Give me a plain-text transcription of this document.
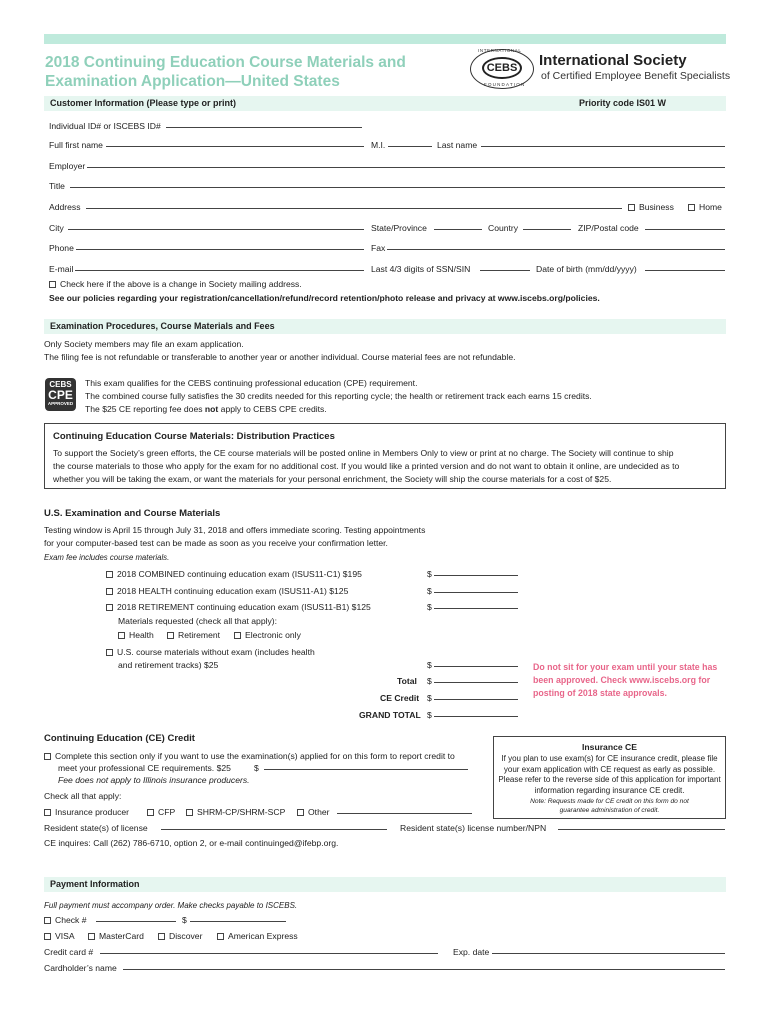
2018 Continuing Education Course Materials and
Examination Application—United States
INTERNATIONAL
CEBS
FOUNDATION
International Society
of Certified Employee Benefit Specialists
Customer Information (Please type or print)	Priority code IS01 W
Individual ID# or ISCEBS ID#
Full first name	M.I.	Last name
Employer
Title
Address	Business	Home
City	State/Province	Country	ZIP/Postal code
Phone	Fax
E-mail	Last 4/3 digits of SSN/SIN	Date of birth (mm/dd/yyyy)
Check here if the above is a change in Society mailing address.
See our policies regarding your registration/cancellation/refund/record retention/photo release and privacy at www.iscebs.org/policies.
Examination Procedures, Course Materials and Fees
Only Society members may file an exam application.
The filing fee is not refundable or transferable to another year or another individual. Course material fees are not refundable.
CEBS
CPE
APPROVED
This exam qualifies for the CEBS continuing professional education (CPE) requirement.
The combined course fully satisfies the 30 credits needed for this reporting cycle; the health or retirement track each earns 15 credits.
The $25 CE reporting fee does not apply to CEBS CPE credits.
Continuing Education Course Materials: Distribution Practices
To support the Society’s green efforts, the CE course materials will be posted online in Members Only to view or print at no charge. The Society will continue to ship
the course materials to those who apply for the exam for no additional cost. If you would like a printed version and do not want to obtain it online, are undecided as to
whether you will be taking the exam, or want the materials for your personal enrichment, the Society will ship the course materials for a cost of $25.
U.S. Examination and Course Materials
Testing window is April 15 through July 31, 2018 and offers immediate scoring. Testing appointments
for your computer-based test can be made as soon as you receive your confirmation letter.
Exam fee includes course materials.
2018 COMBINED continuing education exam (ISUS11-C1) $195	$
2018 HEALTH continuing education exam (ISUS11-A1) $125	$
2018 RETIREMENT continuing education exam (ISUS11-B1) $125	$
Materials requested (check all that apply):
Health	Retirement	Electronic only
U.S. course materials without exam (includes health
and retirement tracks) $25	$
Total $
CE Credit $
GRAND TOTAL $
Do not sit for your exam until your state has
been approved. Check www.iscebs.org for
posting of 2018 state approvals.
Continuing Education (CE) Credit
Complete this section only if you want to use the examination(s) applied for on this form to report credit to
meet your professional CE requirements. $25	$
Fee does not apply to Illinois insurance producers.
Check all that apply:
Insurance producer	CFP	SHRM-CP/SHRM-SCP	Other
Resident state(s) of license	Resident state(s) license number/NPN
CE inquires: Call (262) 786-6710, option 2, or e-mail continuinged@ifebp.org.
Insurance CE
If you plan to use exam(s) for CE insurance credit, please file
your exam application with CE request as early as possible.
Please refer to the reverse side of this application for important
information regarding insurance CE credit.
Note: Requests made for CE credit on this form do not
guarantee administration of credit.
Payment Information
Full payment must accompany order. Make checks payable to ISCEBS.
Check #	$
VISA	MasterCard	Discover	American Express
Credit card #	Exp. date
Cardholder’s name
